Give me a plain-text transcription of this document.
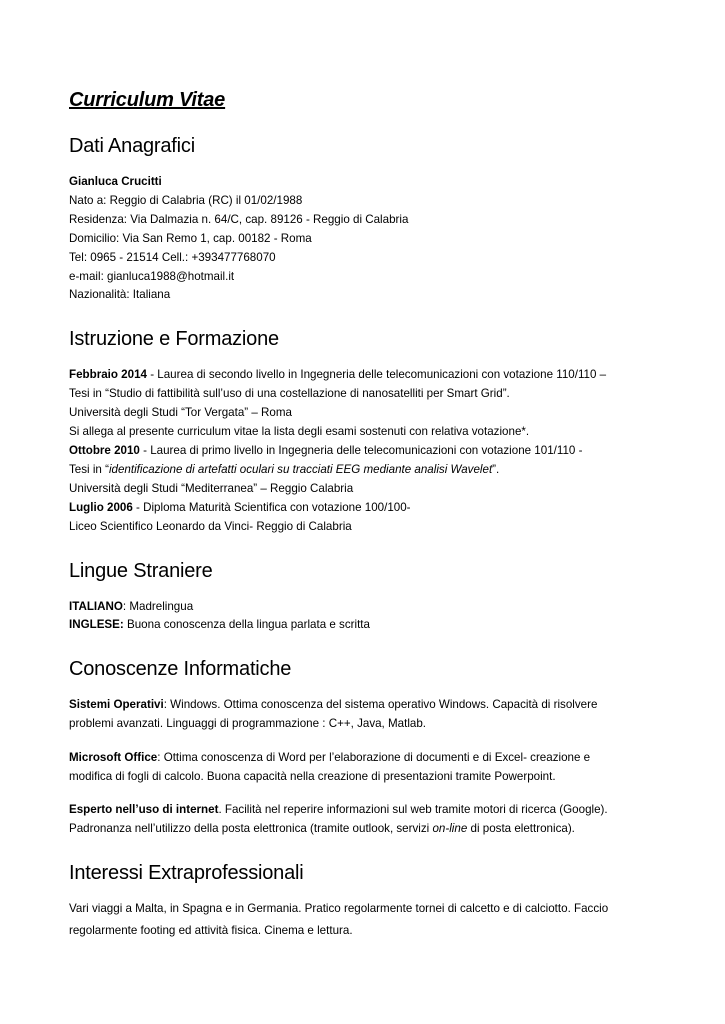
Curriculum Vitae
Dati Anagrafici
Gianluca Crucitti
Nato a: Reggio di Calabria (RC) il 01/02/1988
Residenza: Via Dalmazia n. 64/C, cap. 89126 - Reggio di Calabria
Domicilio: Via San Remo 1, cap. 00182 - Roma
Tel: 0965 - 21514 Cell.: +393477768070
e-mail: gianluca1988@hotmail.it
Nazionalità: Italiana
Istruzione e Formazione
Febbraio 2014 - Laurea di secondo livello in Ingegneria delle telecomunicazioni con votazione 110/110 –
Tesi in “Studio di fattibilità sull’uso di una costellazione di nanosatelliti per Smart Grid”.
Università degli Studi “Tor Vergata” – Roma
Si allega al presente curriculum vitae la lista degli esami sostenuti con relativa votazione*.
Ottobre 2010 - Laurea di primo livello in Ingegneria delle telecomunicazioni con votazione 101/110 -
Tesi in “identificazione di artefatti oculari su tracciati EEG mediante analisi Wavelet”.
Università degli Studi “Mediterranea” – Reggio Calabria
Luglio 2006 - Diploma Maturità Scientifica con votazione 100/100-
Liceo Scientifico Leonardo da Vinci- Reggio di Calabria
Lingue Straniere
ITALIANO: Madrelingua
INGLESE: Buona conoscenza della lingua parlata e scritta
Conoscenze Informatiche
Sistemi Operativi: Windows. Ottima conoscenza del sistema operativo Windows. Capacità di risolvere
problemi avanzati. Linguaggi di programmazione : C++, Java, Matlab.
Microsoft Office: Ottima conoscenza di Word per l’elaborazione di documenti e di Excel- creazione e
modifica di fogli di calcolo. Buona capacità nella creazione di presentazioni tramite Powerpoint.
Esperto nell’uso di internet. Facilità nel reperire informazioni sul web tramite motori di ricerca (Google).
Padronanza nell’utilizzo della posta elettronica (tramite outlook, servizi on-line di posta elettronica).
Interessi Extraprofessionali

Vari viaggi a Malta, in Spagna e in Germania. Pratico regolarmente tornei di calcetto e di calciotto. Faccio regolarmente footing ed attività fisica. Cinema e lettura.
